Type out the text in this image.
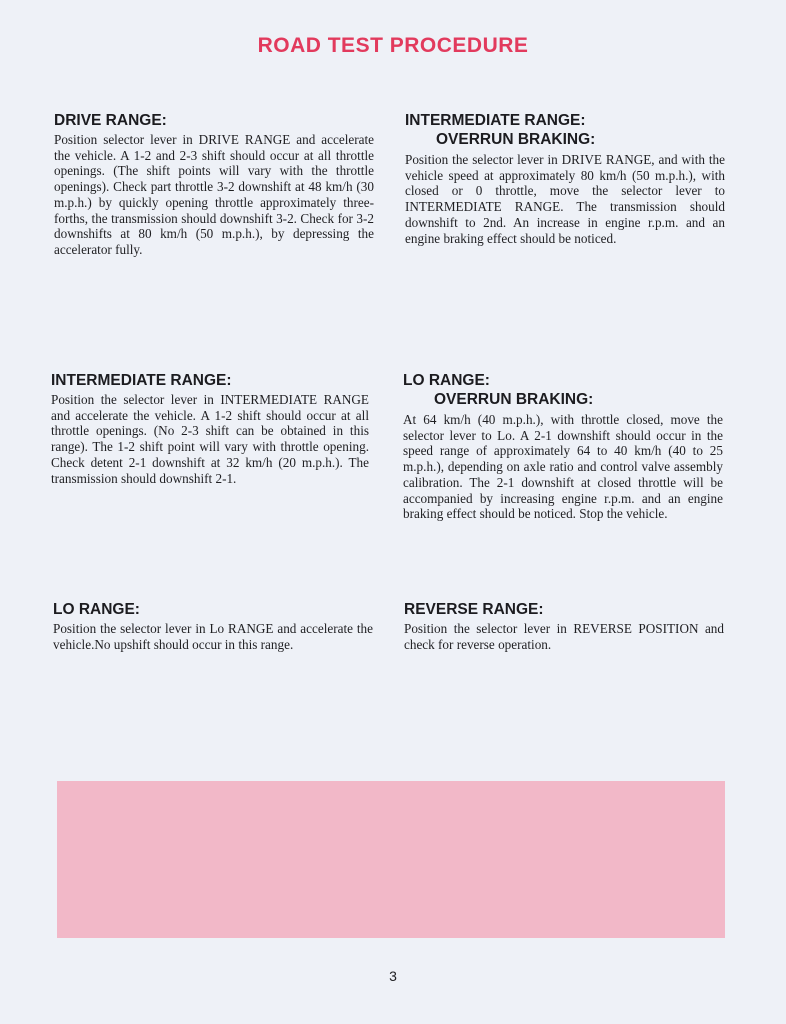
ROAD TEST PROCEDURE
DRIVE RANGE:

Position selector lever in DRIVE RANGE and accelerate the vehicle. A 1-2 and 2-3 shift should occur at all throttle openings. (The shift points will vary with the throttle openings). Check part throttle 3-2 downshift at 48 km/h (30 m.p.h.) by quickly opening throttle approximately three-forths, the transmission should downshift 3-2. Check for 3-2 downshifts at 80 km/h (50 m.p.h.), by depressing the accelerator fully.

INTERMEDIATE RANGE:
OVERRUN BRAKING:

Position the selector lever in DRIVE RANGE, and with the vehicle speed at approximately 80 km/h (50 m.p.h.), with closed or 0 throttle, move the selector lever to INTERMEDIATE RANGE. The transmission should downshift to 2nd. An increase in engine r.p.m. and an engine braking effect should be noticed.

INTERMEDIATE RANGE:

Position the selector lever in INTERMEDIATE RANGE and accelerate the vehicle. A 1-2 shift should occur at all throttle openings. (No 2-3 shift can be obtained in this range). The 1-2 shift point will vary with throttle opening. Check detent 2-1 downshift at 32 km/h (20 m.p.h.). The transmission should downshift 2-1.

LO RANGE:
OVERRUN BRAKING:

At 64 km/h (40 m.p.h.), with throttle closed, move the selector lever to Lo. A 2-1 downshift should occur in the speed range of approximately 64 to 40 km/h (40 to 25 m.p.h.), depending on axle ratio and control valve assembly calibration. The 2-1 downshift at closed throttle will be accompanied by increasing engine r.p.m. and an engine braking effect should be noticed. Stop the vehicle.

LO RANGE:

Position the selector lever in Lo RANGE and accelerate the vehicle.No upshift should occur in this range.

REVERSE RANGE:

Position the selector lever in REVERSE POSITION and check for reverse operation.

3
